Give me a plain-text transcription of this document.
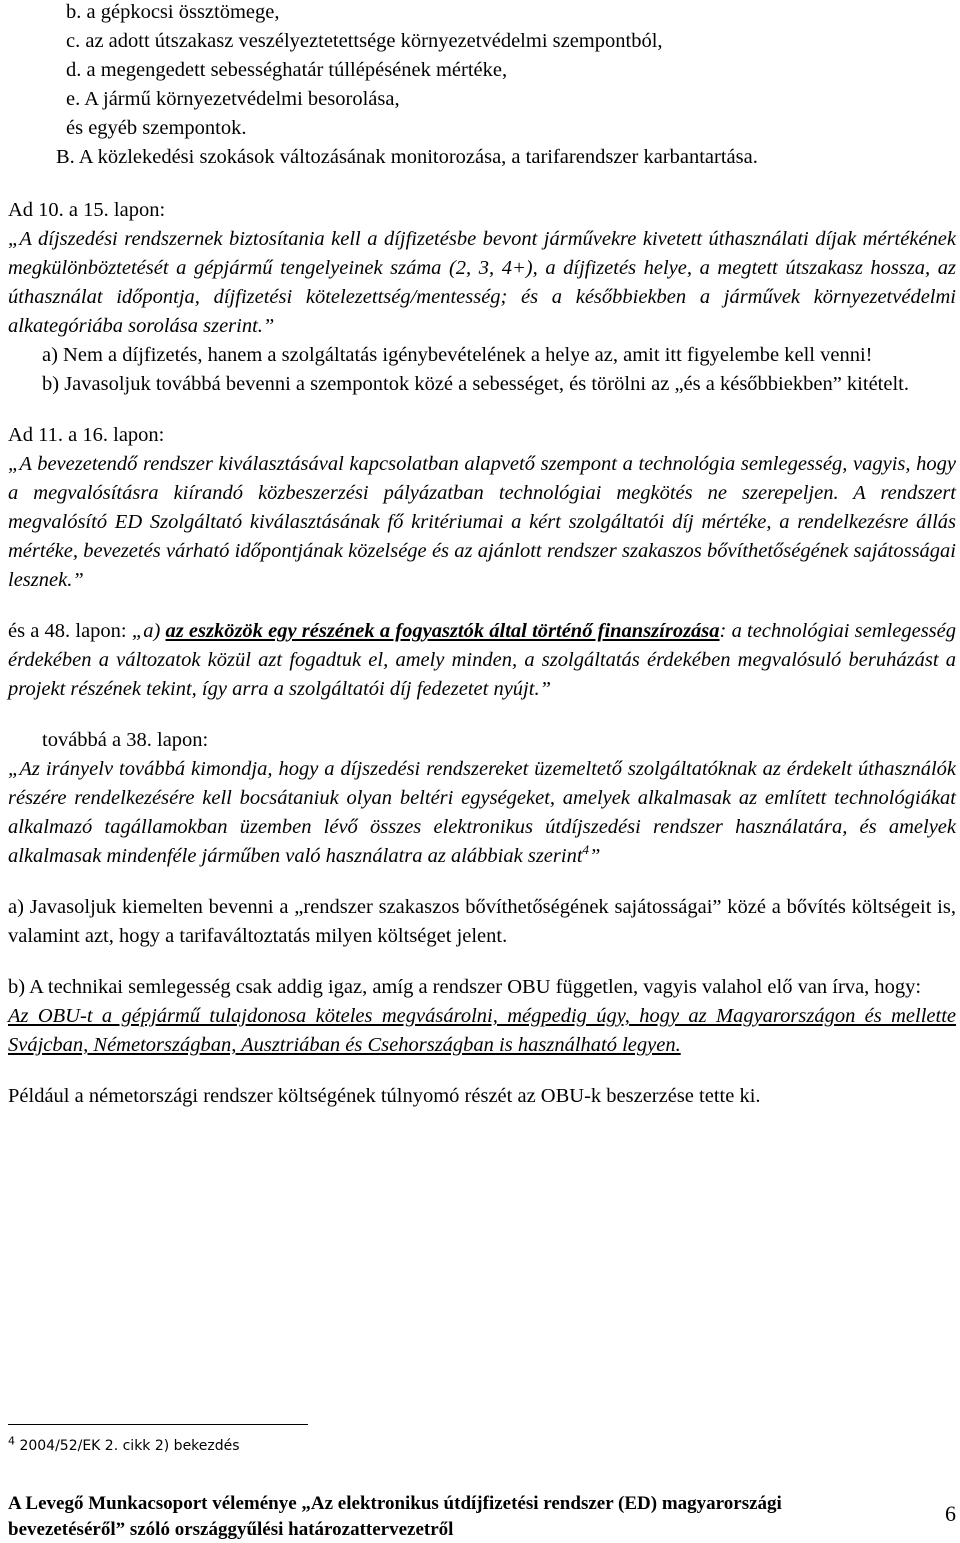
b. a gépkocsi össztömege,

c. az adott útszakasz veszélyeztetettsége környezetvédelmi szempontból,

d. a megengedett sebességhatár túllépésének mértéke,

e. A jármű környezetvédelmi besorolása,

és egyéb szempontok.

B. A közlekedési szokások változásának monitorozása, a tarifarendszer karbantartása.

Ad 10. a 15. lapon:

„A díjszedési rendszernek biztosítania kell a díjfizetésbe bevont járművekre kivetett úthasználati díjak mértékének megkülönböztetését a gépjármű tengelyeinek száma (2, 3, 4+), a díjfizetés helye, a megtett útszakasz hossza, az úthasználat időpontja, díjfizetési kötelezettség/mentesség; és a későbbiekben a járművek környezetvédelmi alkategóriába sorolása szerint.”

a) Nem a díjfizetés, hanem a szolgáltatás igénybevételének a helye az, amit itt figyelembe kell venni!

b) Javasoljuk továbbá bevenni a szempontok közé a sebességet, és törölni az „és a későbbiekben” kitételt.

Ad 11. a 16. lapon:

„A bevezetendő rendszer kiválasztásával kapcsolatban alapvető szempont a technológia semlegesség, vagyis, hogy a megvalósításra kiírandó közbeszerzési pályázatban technológiai megkötés ne szerepeljen. A rendszert megvalósító ED Szolgáltató kiválasztásának fő kritériumai a kért szolgáltatói díj mértéke, a rendelkezésre állás mértéke, bevezetés várható időpontjának közelsége és az ajánlott rendszer szakaszos bővíthetőségének sajátosságai lesznek.”

és a 48. lapon: „a) az eszközök egy részének a fogyasztók által történő finanszírozása: a technológiai semlegesség érdekében a változatok közül azt fogadtuk el, amely minden, a szolgáltatás érdekében megvalósuló beruházást a projekt részének tekint, így arra a szolgáltatói díj fedezetet nyújt.”

továbbá a 38. lapon:

„Az irányelv továbbá kimondja, hogy a díjszedési rendszereket üzemeltető szolgáltatóknak az érdekelt úthasználók részére rendelkezésére kell bocsátaniuk olyan beltéri egységeket, amelyek alkalmasak az említett technológiákat alkalmazó tagállamokban üzemben lévő összes elektronikus útdíjszedési rendszer használatára, és amelyek alkalmasak mindenféle járműben való használatra az alábbiak szerint$^4$”

a) Javasoljuk kiemelten bevenni a „rendszer szakaszos bővíthetőségének sajátosságai” közé a bővítés költségeit is, valamint azt, hogy a tarifaváltoztatás milyen költséget jelent.

b) A technikai semlegesség csak addig igaz, amíg a rendszer OBU független, vagyis valahol elő van írva, hogy:

Az OBU-t a gépjármű tulajdonosa köteles megvásárolni, mégpedig úgy, hogy az Magyarországon és mellette Svájcban, Németországban, Ausztriában és Csehországban is használható legyen.

Például a németországi rendszer költségének túlnyomó részét az OBU-k beszerzése tette ki.

$^4$ 2004/52/EK 2. cikk 2) bekezdés
A Levegő Munkacsoport véleménye „Az elektronikus útdíjfizetési rendszer (ED) magyarországi
bevezetéséről” szóló országgyűlési határozattervezetről
6
